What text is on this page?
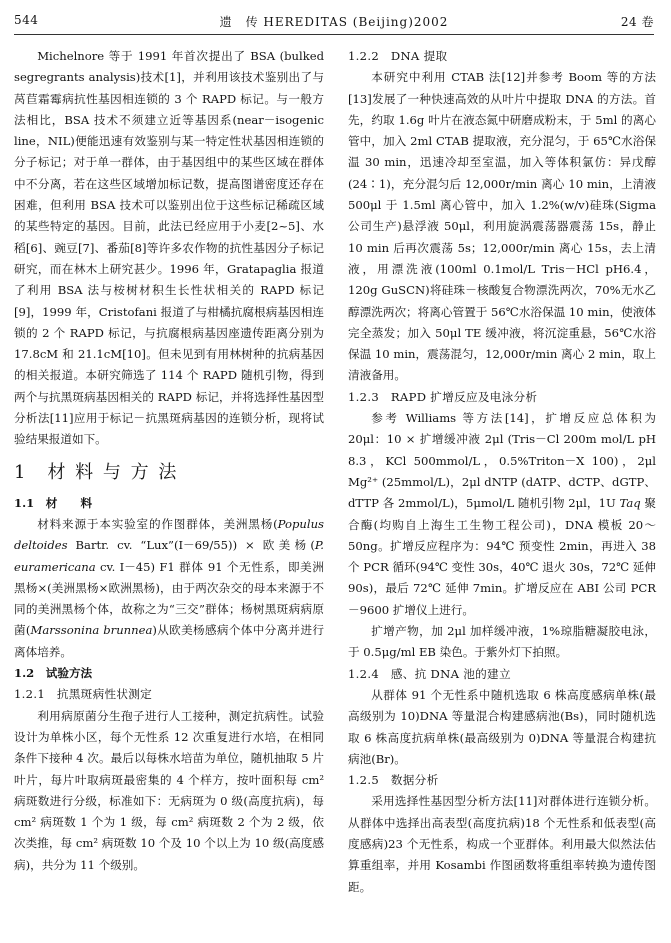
544	遗　传 HEREDITAS (Beijing)2002	24 卷

Michelnore 等于 1991 年首次提出了 BSA (bulked segregrants analysis)技术[1]，并利用该技术鉴别出了与莴苣霜霉病抗性基因相连锁的 3 个 RAPD 标记。与一般方法相比，BSA 技术不须建立近等基因系(near－isogenic line，NIL)便能迅速有效鉴别与某一特定性状基因相连锁的分子标记；对于单一群体，由于基因组中的某些区域在群体中不分离，若在这些区域增加标记数，提高图谱密度还存在困难，但利用 BSA 技术可以鉴别出位于这些标记稀疏区域的某些特定的基因。目前，此法已经应用于小麦[2~5]、水稻[6]、豌豆[7]、番茄[8]等许多农作物的抗性基因分子标记研究，而在林木上研究甚少。1996 年，Gratapaglia 报道了利用 BSA 法与桉树材积生长性状相关的 RAPD 标记[9]，1999 年，Cristofani 报道了与柑橘抗腐根病基因相连锁的 2 个 RAPD 标记，与抗腐根病基因座遗传距离分别为 17.8cM 和 21.1cM[10]。但未见到有用林树种的抗病基因的相关报道。本研究筛选了 114 个 RAPD 随机引物，得到两个与抗黑斑病基因相关的 RAPD 标记，并将选择性基因型分析法[11]应用于标记－抗黑斑病基因的连锁分析，现将试验结果报道如下。

1　材 料 与 方 法
1.1　材　　料

材料来源于本实验室的作图群体，美洲黑杨(Populus deltoides Bartr. cv. “Lux”(I－69/55)) × 欧美杨(P. euramericana cv. I－45) F1 群体 91 个无性系，即美洲黑杨×(美洲黑杨×欧洲黑杨)，由于两次杂交的母本来源于不同的美洲黑杨个体，故称之为“三交”群体；杨树黑斑病病原菌(Marssonina brunnea)从欧美杨感病个体中分离并进行离体培养。

1.2　试验方法
1.2.1　抗黑斑病性状测定

利用病原菌分生孢子进行人工接种，测定抗病性。试验设计为单株小区，每个无性系 12 次重复进行水培，在相同条件下接种 4 次。最后以每株水培苗为单位，随机抽取 5 片叶片，每片叶取病斑最密集的 4 个样方，按叶面积每 cm² 病斑数进行分级，标准如下：无病斑为 0 级(高度抗病)，每 cm² 病斑数 1 个为 1 级，每 cm² 病斑数 2 个为 2 级，依次类推，每 cm² 病斑数 10 个及 10 个以上为 10 级(高度感病)，共分为 11 个级别。

1.2.2　DNA 提取

本研究中利用 CTAB 法[12]并参考 Boom 等的方法[13]发展了一种快速高效的从叶片中提取 DNA 的方法。首先，约取 1.6g 叶片在液态氮中研磨成粉末，于 5ml 的离心管中，加入 2ml CTAB 提取液，充分混匀，于 65℃水浴保温 30 min，迅速冷却至室温，加入等体积氯仿：异戊醇(24∶1)，充分混匀后 12,000r/min 离心 10 min，上清液 500μl 于 1.5ml 离心管中，加入 1.2%(w/v)硅珠(Sigma 公司生产)悬浮液 50μl，利用旋涡震荡器震荡 15s，静止 10 min 后再次震荡 5s；12,000r/min 离心 15s，去上清液，用漂洗液(100ml 0.1mol/L Tris－HCl pH6.4，120g GuSCN)将硅珠－核酸复合物漂洗两次，70%无水乙醇漂洗两次；将离心管置于 56℃水浴保温 10 min，使液体完全蒸发；加入 50μl TE 缓冲液，将沉淀重悬，56℃水浴保温 10 min，震荡混匀，12,000r/min 离心 2 min，取上清液备用。

1.2.3　RAPD 扩增反应及电泳分析

参考 Williams 等方法[14]，扩增反应总体积为 20μl：10 × 扩增缓冲液 2μl (Tris－Cl 200m mol/L pH 8.3，KCl 500mmol/L，0.5%Triton－X 100)，2μl Mg²⁺ (25mmol/L)，2μl dNTP (dATP、dCTP、dGTP、dTTP 各 2mmol/L)，5μmol/L 随机引物 2μl，1U Taq 聚合酶(均购自上海生工生物工程公司)，DNA 模板 20～50ng。扩增反应程序为：94℃ 预变性 2min，再进入 38 个 PCR 循环(94℃ 变性 30s，40℃ 退火 30s，72℃ 延伸 90s)，最后 72℃ 延伸 7min。扩增反应在 ABI 公司 PCR－9600 扩增仪上进行。

扩增产物，加 2μl 加样缓冲液，1%琼脂糖凝胶电泳，于 0.5μg/ml EB 染色。于紫外灯下拍照。

1.2.4　感、抗 DNA 池的建立

从群体 91 个无性系中随机选取 6 株高度感病单株(最高级别为 10)DNA 等量混合构建感病池(Bs)，同时随机选取 6 株高度抗病单株(最高级别为 0)DNA 等量混合构建抗病池(Br)。

1.2.5　数据分析

采用选择性基因型分析方法[11]对群体进行连锁分析。从群体中选择出高表型(高度抗病)18 个无性系和低表型(高度感病)23 个无性系，构成一个亚群体。利用最大似然法估算重组率，并用 Kosambi 作图函数将重组率转换为遗传图距。
